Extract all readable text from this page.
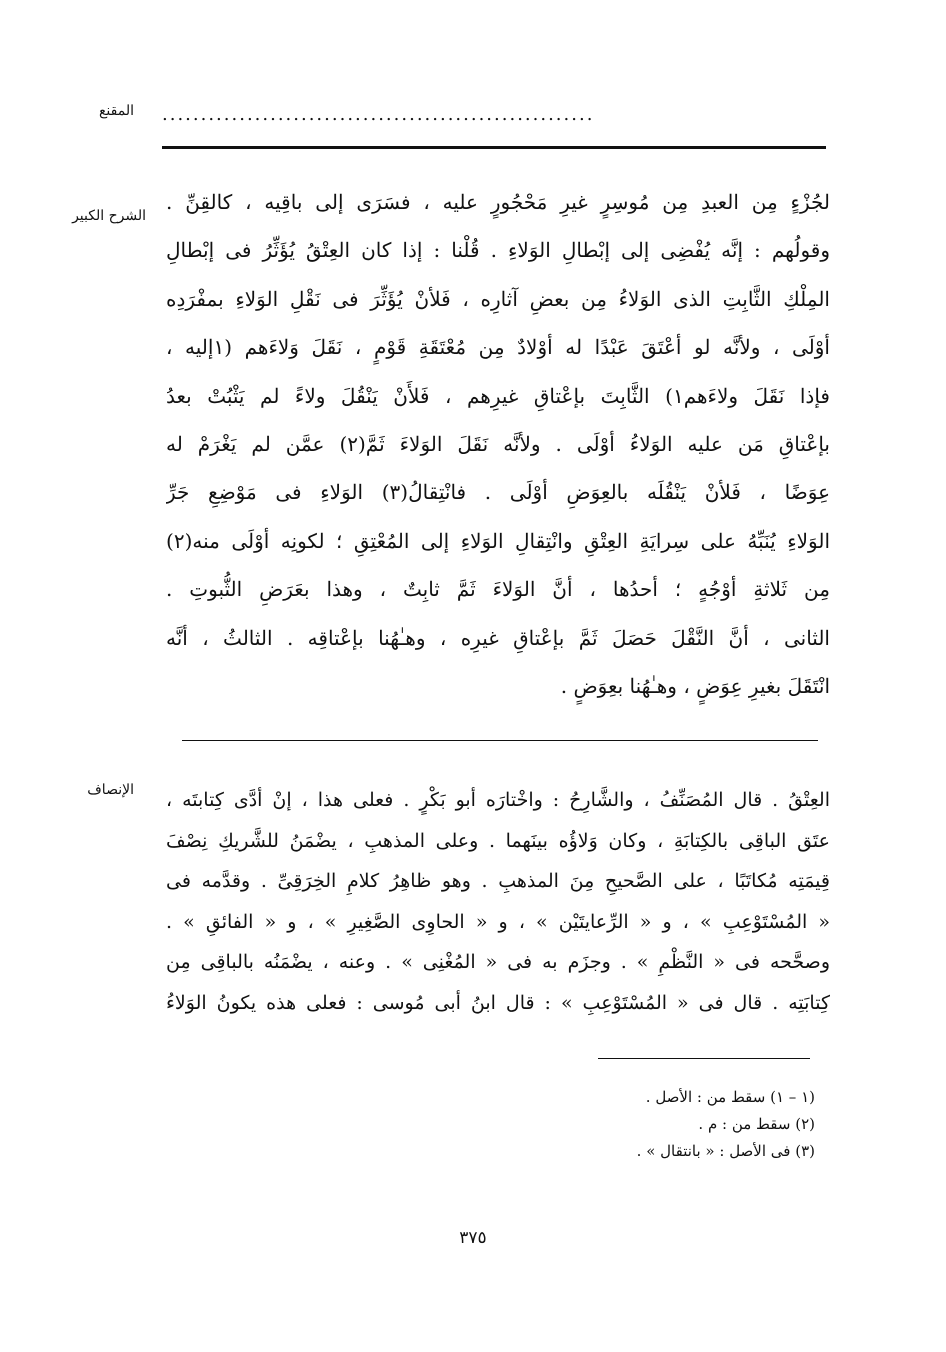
........................................................
المقنع
الشرح الكبير
لجُزْءٍ مِن العبدِ مِن مُوسِرٍ غيرِ مَحْجُورٍ عليه ، فسَرَى إلى باقِيه ، كالقِنِّ .
وقولُهم : إنَّه يُفْضِى إلى إبْطالِ الوَلاءِ . قُلْنا : إذا كان العِتْقُ يُؤَثِّرُ فى إبْطالِ
المِلْكِ الثَّابِتِ الذى الوَلاءُ مِن بعضِ آثارِه ، فَلأنْ يُؤَثِّرَ فى نَقْلِ الوَلاءِ بمفْرَدِه
أوْلَى ، ولأنَّه لو أعْتَقَ عَبْدًا له أوْلادٌ مِن مُعْتَقَةِ قَوْمٍ ، نَقَلَ وَلاءَهم (١إليه ،
فإذا نَقَلَ ولاءَهم١) الثَّابِتَ بإعْتاقِ غيرِهم ، فَلأَنْ يَنْقُلَ ولاءً لم يَثْبُتْ بعدُ
بإعْتاقِ مَن عليه الوَلاءُ أوْلَى . ولأنَّه نَقَلَ الوَلاءَ ثَمَّ(٢) عمَّن لم يَغْرَمْ له
عِوَضًا ، فَلأنْ يَنْقُلَه بالعِوَضِ أوْلَى . فانْتِقالُ(٣) الوَلاءِ فى مَوْضِعِ جَرِّ
الوَلاءِ يُنَبِّهُ على سِرايَةِ العِتْقِ وانْتِقالِ الوَلاءِ إلى المُعْتِقِ ؛ لكونِه أوْلَى منه(٢)
مِن ثَلاثةِ أوْجُهٍ ؛ أحدُها ، أنَّ الوَلاءَ ثَمَّ ثابِتٌ ، وهذا بعَرَضِ الثُّبوتِ .
الثانى ، أنَّ النَّقْلَ حَصَلَ ثَمَّ بإعْتاقِ غيرِه ، وهـٰهُنا بإعْتاقِه . الثالثُ ، أنَّه
انْتَقَلَ بغيرِ عِوَضٍ ، وهـٰهُنا بعِوَضٍ .
الإنصاف العِتْقُ . قال المُصَنِّفُ ، والشَّارِحُ : واخْتارَه أبو بَكْرٍ . فعلى هذا ، إنْ أدَّى كِتابتَه ،
عتَق الباقِى بالكِتابَةِ ، وكان وَلاؤُه بينَهما . وعلى المذهبِ ، يضْمَنُ للشَّريكِ نِصْفَ
قِيمَتِه مُكاتَبًا ، على الصَّحيحِ مِنَ المذهبِ . وهو ظاهِرُ كلامِ الخِرَقِىِّ . وقدَّمه فى
« المُسْتَوْعِبِ » ، و « الرِّعايتَيْن » ، و « الحاوِى الصَّغِيرِ » ، و « الفائقِ » .
وصحَّحه فى « النَّظْمِ » . وجزَم به فى « المُغْنِى » . وعنه ، يضْمَنُه بالباقِى مِن
كِتابَتِه . قال فى « المُسْتَوْعِبِ » : قال ابنُ أبى مُوسى : فعلى هذه يكونُ الوَلاءُ
(١ – ١) سقط من : الأصل .
(٢) سقط من : م .
(٣) فى الأصل : « بانتقال » .
٣٧٥
